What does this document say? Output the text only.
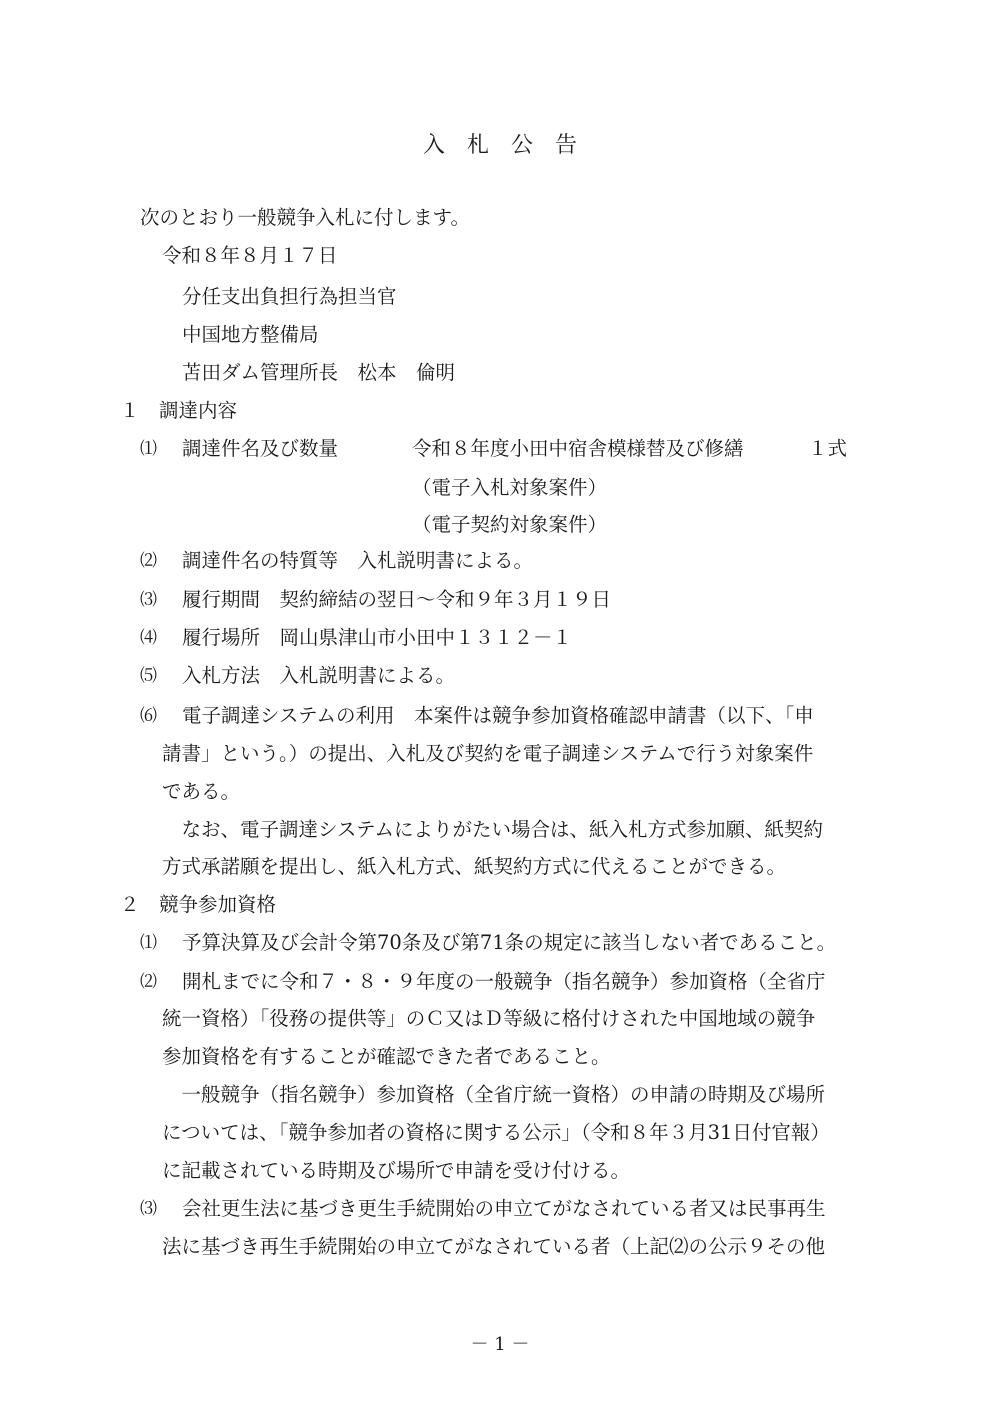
入　札　公　告
次のとおり一般競争入札に付します。
令和８年８月１７日
分任支出負担行為担当官
中国地方整備局
苫田ダム管理所長　松本　倫明
１　調達内容
⑴ 調達件名及び数量	令和８年度小田中宿舎模様替及び修繕	１式
（電子入札対象案件）
（電子契約対象案件）
⑵ 調達件名の特質等　入札説明書による。
⑶ 履行期間　契約締結の翌日～令和９年３月１９日
⑷ 履行場所　岡山県津山市小田中１３１２－１
⑸ 入札方法　入札説明書による。
⑹ 電子調達システムの利用　本案件は競争参加資格確認申請書（以下、「申
請書」という。）の提出、入札及び契約を電子調達システムで行う対象案件
である。
　なお、電子調達システムによりがたい場合は、紙入札方式参加願、紙契約
方式承諾願を提出し、紙入札方式、紙契約方式に代えることができる。
２　競争参加資格
⑴ 予算決算及び会計令第70条及び第71条の規定に該当しない者であること。
⑵ 開札までに令和７・８・９年度の一般競争（指名競争）参加資格（全省庁
統一資格）「役務の提供等」のＣ又はＤ等級に格付けされた中国地域の競争
参加資格を有することが確認できた者であること。
　一般競争（指名競争）参加資格（全省庁統一資格）の申請の時期及び場所
については、「競争参加者の資格に関する公示」（令和８年３月31日付官報）
に記載されている時期及び場所で申請を受け付ける。
⑶ 会社更生法に基づき更生手続開始の申立てがなされている者又は民事再生
法に基づき再生手続開始の申立てがなされている者（上記⑵の公示９その他
－ 1 －
